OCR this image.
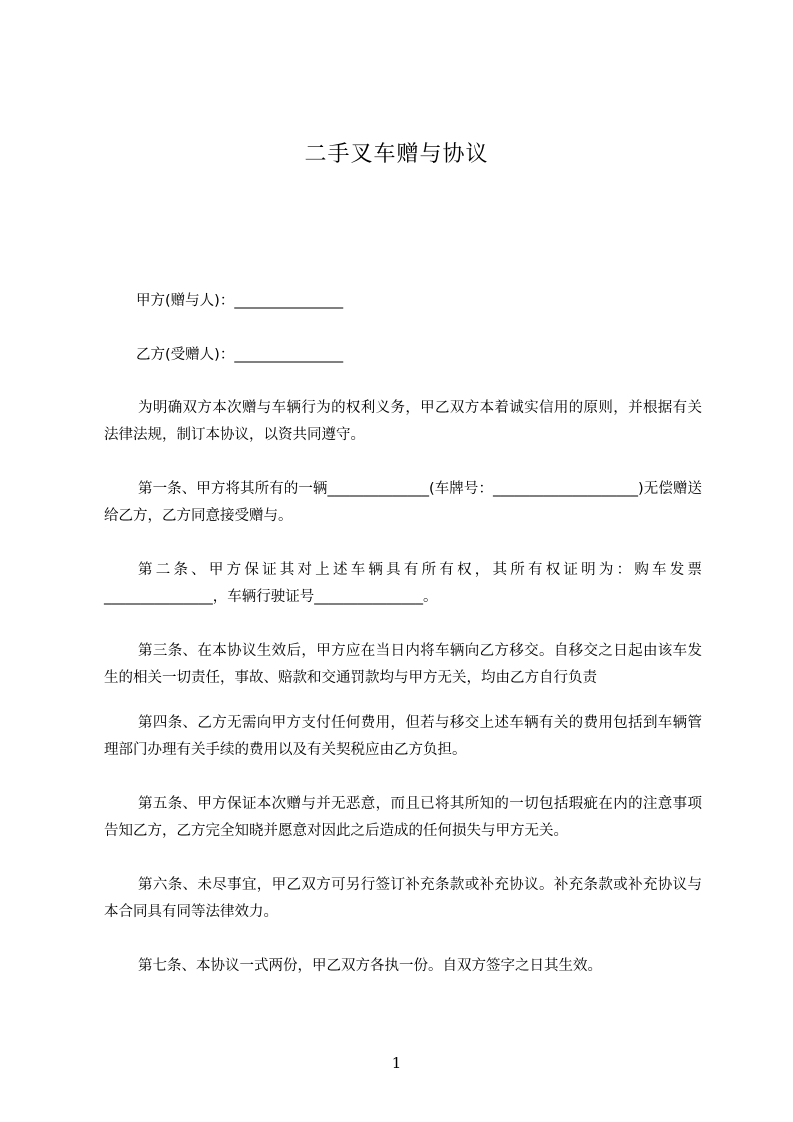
二手叉车赠与协议
甲方(赠与人)：_______________
乙方(受赠人)：_______________

为明确双方本次赠与车辆行为的权利义务，甲乙双方本着诚实信用的原则，并根据有关法律法规，制订本协议，以资共同遵守。

第一条、甲方将其所有的一辆______________(车牌号：____________________)无偿赠送给乙方，乙方同意接受赠与。

第二条、甲方保证其对上述车辆具有所有权，其所有权证明为：购车发票_______________，车辆行驶证号_______________。

第三条、在本协议生效后，甲方应在当日内将车辆向乙方移交。自移交之日起由该车发生的相关一切责任，事故、赔款和交通罚款均与甲方无关，均由乙方自行负责

第四条、乙方无需向甲方支付任何费用，但若与移交上述车辆有关的费用包括到车辆管理部门办理有关手续的费用以及有关契税应由乙方负担。

第五条、甲方保证本次赠与并无恶意，而且已将其所知的一切包括瑕疵在内的注意事项告知乙方，乙方完全知晓并愿意对因此之后造成的任何损失与甲方无关。

第六条、未尽事宜，甲乙双方可另行签订补充条款或补充协议。补充条款或补充协议与本合同具有同等法律效力。

第七条、本协议一式两份，甲乙双方各执一份。自双方签字之日其生效。

1
